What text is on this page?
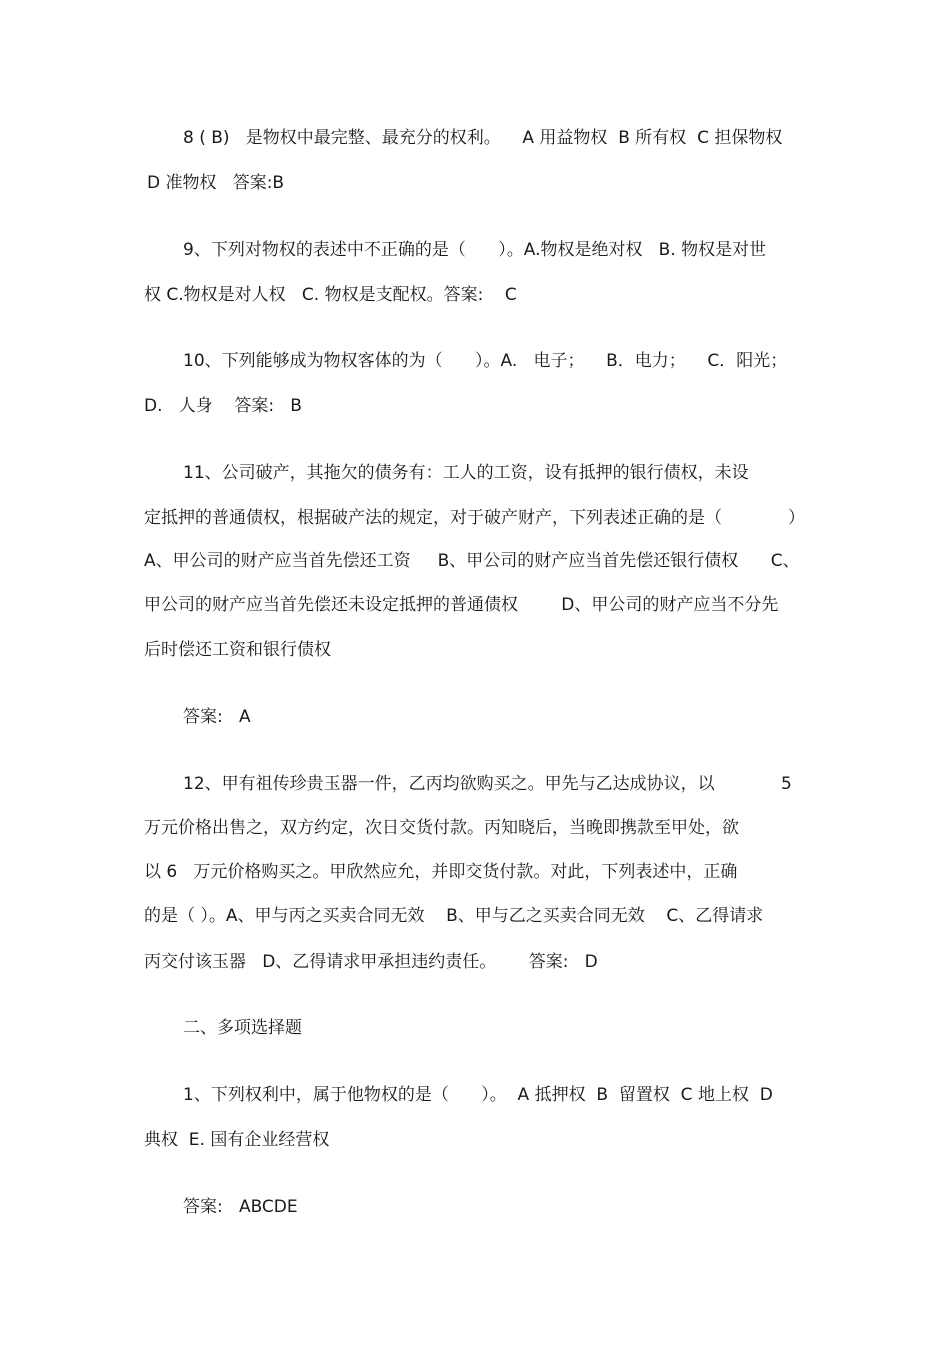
8 ( B)   是物权中最完整、最充分的权利。    A 用益物权  B 所有权  C 担保物权
D 准物权   答案:B
9、下列对物权的表述中不正确的是（      ）。A.物权是绝对权   B. 物权是对世
权 C.物权是对人权   C. 物权是支配权。答案:    C
10、下列能够成为物权客体的为（      ）。A.   电子；    B．电力；    C．阳光；
D.   人身    答案:   B
11、公司破产，其拖欠的债务有：工人的工资，设有抵押的银行债权，未设
定抵押的普通债权，根据破产法的规定，对于破产财产，下列表述正确的是（	）
A、甲公司的财产应当首先偿还工资     B、甲公司的财产应当首先偿还银行债权      C、
甲公司的财产应当首先偿还未设定抵押的普通债权        D、甲公司的财产应当不分先
后时偿还工资和银行债权
答案:   A
12、甲有祖传珍贵玉器一件，乙丙均欲购买之。甲先与乙达成协议，以	5
万元价格出售之，双方约定，次日交货付款。丙知晓后，当晚即携款至甲处，欲
以 6   万元价格购买之。甲欣然应允，并即交货付款。对此，下列表述中，正确
的是（ ）。A、甲与丙之买卖合同无效    B、甲与乙之买卖合同无效    C、乙得请求
丙交付该玉器   D、乙得请求甲承担违约责任。      答案:   D
二、多项选择题
1、下列权利中，属于他物权的是（      ）。  A 抵押权  B  留置权  C 地上权  D
典权  E. 国有企业经营权
答案:   ABCDE
